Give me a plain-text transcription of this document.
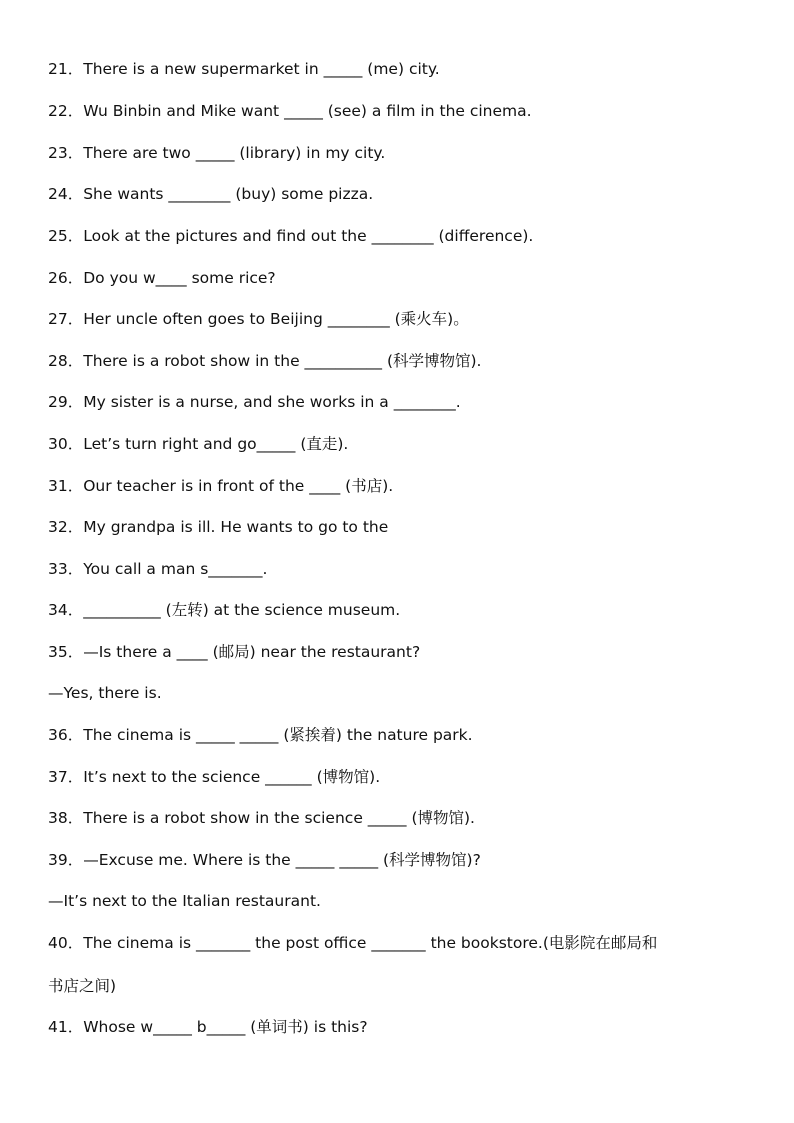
21．There is a new supermarket in _____ (me) city.
22．Wu Binbin and Mike want _____ (see) a film in the cinema.
23．There are two _____ (library) in my city.
24．She wants ________ (buy) some pizza.
25．Look at the pictures and find out the ________ (difference).
26．Do you w____ some rice?
27．Her uncle often goes to Beijing ________ (乘火车)。
28．There is a robot show in the __________ (科学博物馆).
29．My sister is a nurse, and she works in a ________.
30．Let’s turn right and go_____ (直走).
31．Our teacher is in front of the ____ (书店).
32．My grandpa is ill. He wants to go to the
33．You call a man s_______.
34．__________ (左转) at the science museum.
35．—Is there a ____ (邮局) near the restaurant?
—Yes, there is.
36．The cinema is _____ _____ (紧挨着) the nature park.
37．It’s next to the science ______ (博物馆).
38．There is a robot show in the science _____ (博物馆).
39．—Excuse me. Where is the _____ _____ (科学博物馆)?
—It’s next to the Italian restaurant.
40．The cinema is _______ the post office _______ the bookstore.(电影院在邮局和
书店之间)
41．Whose w_____ b_____ (单词书) is this?
